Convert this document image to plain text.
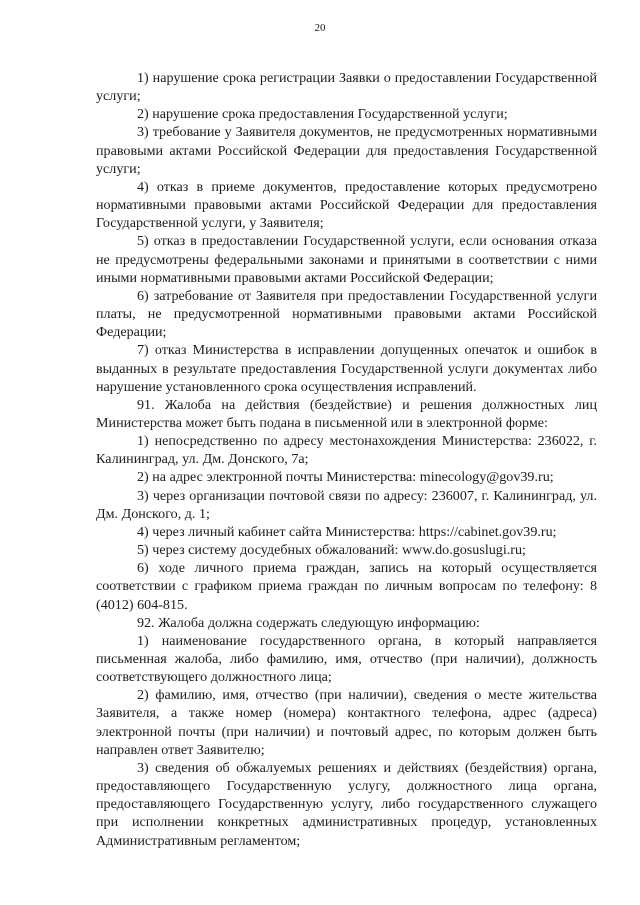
20

1) нарушение срока регистрации Заявки о предоставлении Государственной услуги;

2) нарушение срока предоставления Государственной услуги;

3) требование у Заявителя документов, не предусмотренных нормативными правовыми актами Российской Федерации для предоставления Государственной услуги;

4) отказ в приеме документов, предоставление которых предусмотрено нормативными правовыми актами Российской Федерации для предоставления Государственной услуги, у Заявителя;

5) отказ в предоставлении Государственной услуги, если основания отказа не предусмотрены федеральными законами и принятыми в соответствии с ними иными нормативными правовыми актами Российской Федерации;

6) затребование от Заявителя при предоставлении Государственной услуги платы, не предусмотренной нормативными правовыми актами Российской Федерации;

7) отказ Министерства в исправлении допущенных опечаток и ошибок в выданных в результате предоставления Государственной услуги документах либо нарушение установленного срока осуществления исправлений.

91. Жалоба на действия (бездействие) и решения должностных лиц Министерства может быть подана в письменной или в электронной форме:

1) непосредственно по адресу местонахождения Министерства: 236022, г. Калининград, ул. Дм. Донского, 7а;

2) на адрес электронной почты Министерства: minecology@gov39.ru;

3) через организации почтовой связи по адресу: 236007, г. Калининград, ул. Дм. Донского, д. 1;

4) через личный кабинет сайта Министерства: https://cabinet.gov39.ru;

5) через систему досудебных обжалований: www.do.gosuslugi.ru;

6) ходе личного приема граждан, запись на который осуществляется соответствии с графиком приема граждан по личным вопросам по телефону: 8 (4012) 604-815.

92. Жалоба должна содержать следующую информацию:

1) наименование государственного органа, в который направляется письменная жалоба, либо фамилию, имя, отчество (при наличии), должность соответствующего должностного лица;

2) фамилию, имя, отчество (при наличии), сведения о месте жительства Заявителя, а также номер (номера) контактного телефона, адрес (адреса) электронной почты (при наличии) и почтовый адрес, по которым должен быть направлен ответ Заявителю;

3) сведения об обжалуемых решениях и действиях (бездействия) органа, предоставляющего Государственную услугу, должностного лица органа, предоставляющего Государственную услугу, либо государственного служащего при исполнении конкретных административных процедур, установленных Административным регламентом;
